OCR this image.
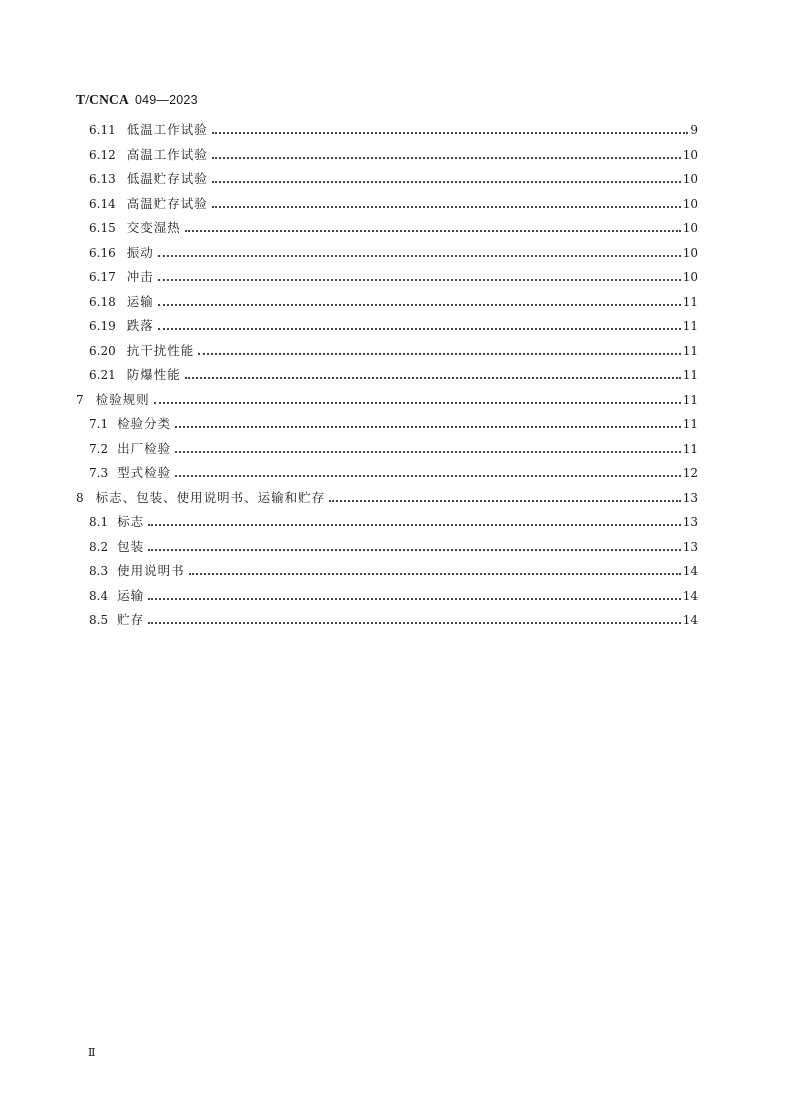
T/CNCA 049—2023
6.11 低温工作试验	9
6.12 高温工作试验	10
6.13 低温贮存试验	10
6.14 高温贮存试验	10
6.15 交变湿热	10
6.16 振动	10
6.17 冲击	10
6.18 运输	11
6.19 跌落	11
6.20 抗干扰性能	11
6.21 防爆性能	11
7 检验规则	11
7.1 检验分类	11
7.2 出厂检验	11
7.3 型式检验	12
8 标志、包装、使用说明书、运输和贮存	13
8.1 标志	13
8.2 包装	13
8.3 使用说明书	14
8.4 运输	14
8.5 贮存	14
Ⅱ
